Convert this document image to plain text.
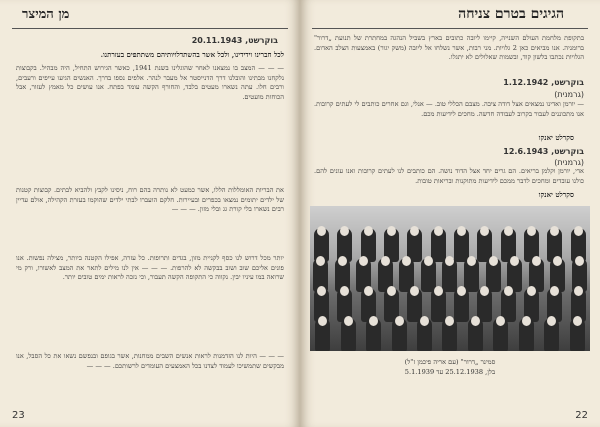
מן המיצר
בוקרשט, 20.11.1943
לכל חברינו וידידינו, ולכל אשר בהשתדלויותיהם משתתפים בעזרתנו.
— — — המצב בו נמצאנו לאחר שהוגלינו בשנת 1941, כאשר הגירוש התחיל, היה מבהיל. בקבוצות נלקחנו מבתינו והובלנו דרך הדנייסטר אל מעבר לנהר. אלפים נספו בדרך. האנשים הגיעו עייפים ורעבים, ורבים חלו. עתה נשארו מעטים בלבד, והחורף הקשה עומד בפתח. אנו עושים כל מאמץ לעזור, אבל הכוחות מועטים.
את הבריות האומללות הללו, אשר כמעט לא נותרה בהם רוח, ניסינו לקבץ ולהביא לבתים. קבוצות קטנות של ילדים יתומים נמצאו בכפרים ובעיירות. חלקם הועברו לבתי ילדים שהוקמו בעזרת הקהילה, אולם עדיין רבים נשארו בלי קורת גג ובלי מזון. — — —
יותר מכל דרוש לנו כסף לקניית מזון, בגדים ותרופות. כל עזרה, אפילו הקטנה ביותר, מצילה נפשות. אנו פונים אליכם שוב ושוב בבקשה לא להרפות. — — — אין לנו מילים לתאר את המצב לאשורו, ורק מי שרואה במו עיניו יבין. נקווה כי התקופה הקשה תעבור, וכי נזכה לראות ימים טובים יותר.
— — — היות לנו הזדמנות לראות אנשים השבים ממחנות, אשר בגופם ובנפשם נשאו את כל הסבל, אנו מבקשים שתמשיכו לעמוד לצדנו בכל האמצעים העומדים לרשותכם. — — —
23
הגיגים בטרם צניחה
בתקופת מלחמת העולם השנייה, קיימו ליובה כתובים בארץ בשביל הנהגה במחתרת של תנועת „דרור" ברומניה. אנו מביאים כאן 2 גלויות. מני רבות, אשר נשלחו אל ליובה (משק יגור) באמצעות הצלב האדום. הגלויות נכתבו בלשון קוד, ובשמות שאלולים לא יתגלו.
בוקרשט, 1.12.1942
(גרמנית)
— יורמן ואדינו נמצאים אצל דודה ציבה. מצבם הכללי טוב. — אנלי, וגם אחרים כותבים לי לעתים קרובות. אנו מתכוננים לעבור בקרוב לעבודה חדשה. מחכים לידיעות מכם.
סקרלט יאנקו
בוקרשט, 12.6.1943
(גרמנית)
אדי, יורמן וקלמן בריאים. הם גרים יחד אצל הדוד נושה. הם כותבים לנו לעתים קרובות ואנו עונים להם. כולנו עובדים ומחכים לדבר ממכם לידיעות מתוקנות ובריאות טובות.
סקרלט יאנקו
סמינר „דרור" (עם אריה פיכמן ז"ל)
בלן, 25.12.1938 עד 5.1.1939
22
